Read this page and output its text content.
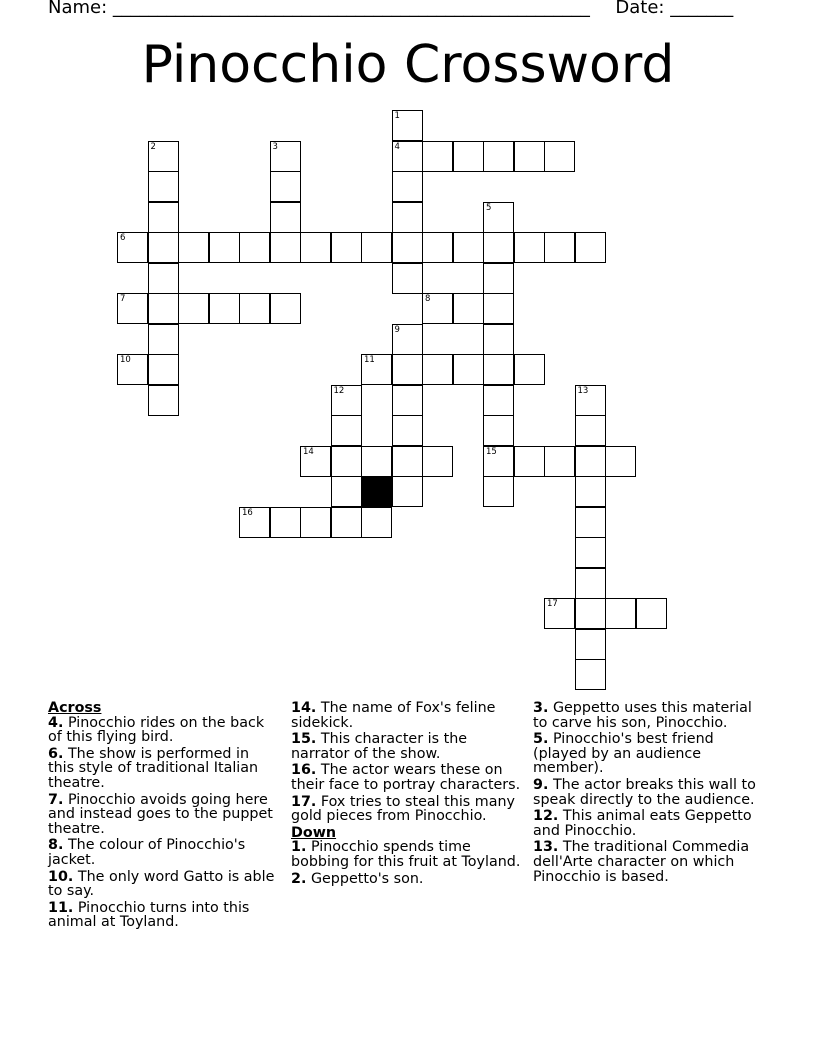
Name: _____________________________________________________ Date: _______
Pinocchio Crossword
1
4
2	3
5
15
6
7	8
9
10	11
12	13
14
16
17
Across
4. Pinocchio rides on the back of this flying bird.
6. The show is performed in this style of traditional Italian theatre.
7. Pinocchio avoids going here and instead goes to the puppet theatre.
8. The colour of Pinocchio's jacket.
10. The only word Gatto is able to say.
11. Pinocchio turns into this animal at Toyland.
14. The name of Fox's feline sidekick.
15. This character is the narrator of the show.
16. The actor wears these on their face to portray characters.
17. Fox tries to steal this many gold pieces from Pinocchio.
Down
1. Pinocchio spends time bobbing for this fruit at Toyland.
2. Geppetto's son.
3. Geppetto uses this material to carve his son, Pinocchio.
5. Pinocchio's best friend (played by an audience member).
9. The actor breaks this wall to speak directly to the audience.
12. This animal eats Geppetto and Pinocchio.
13. The traditional Commedia dell'Arte character on which Pinocchio is based.
